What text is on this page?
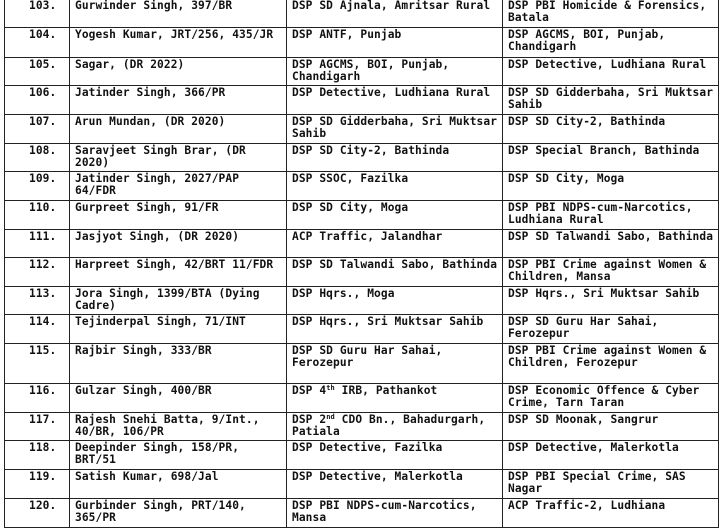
103.	Gurwinder Singh, 397/BR	DSP SD Ajnala, Amritsar Rural	DSP PBI Homicide & Forensics, Batala
104.	Yogesh Kumar, JRT/256, 435/JR	DSP ANTF, Punjab	DSP AGCMS, BOI, Punjab, Chandigarh
105.	Sagar, (DR 2022)	DSP AGCMS, BOI, Punjab, Chandigarh	DSP Detective, Ludhiana Rural
106.	Jatinder Singh, 366/PR	DSP Detective, Ludhiana Rural	DSP SD Gidderbaha, Sri Muktsar Sahib
107.	Arun Mundan, (DR 2020)	DSP SD Gidderbaha, Sri Muktsar Sahib	DSP SD City-2, Bathinda
108.	Saravjeet Singh Brar, (DR 2020)	DSP SD City-2, Bathinda	DSP Special Branch, Bathinda
109.	Jatinder Singh, 2027/PAP 64/FDR	DSP SSOC, Fazilka	DSP SD City, Moga
110.	Gurpreet Singh, 91/FR	DSP SD City, Moga	DSP PBI NDPS-cum-Narcotics, Ludhiana Rural
111.	Jasjyot Singh, (DR 2020)	ACP Traffic, Jalandhar	DSP SD Talwandi Sabo, Bathinda
112.	Harpreet Singh, 42/BRT 11/FDR	DSP SD Talwandi Sabo, Bathinda	DSP PBI Crime against Women & Children, Mansa
113.	Jora Singh, 1399/BTA (Dying Cadre)	DSP Hqrs., Moga	DSP Hqrs., Sri Muktsar Sahib
114.	Tejinderpal Singh, 71/INT	DSP Hqrs., Sri Muktsar Sahib	DSP SD Guru Har Sahai, Ferozepur
115.	Rajbir Singh, 333/BR	DSP SD Guru Har Sahai, Ferozepur	DSP PBI Crime against Women & Children, Ferozepur
116.	Gulzar Singh, 400/BR	DSP 4th IRB, Pathankot	DSP Economic Offence & Cyber Crime, Tarn Taran
117.	Rajesh Snehi Batta, 9/Int., 40/BR, 106/PR	DSP 2nd CDO Bn., Bahadurgarh, Patiala	DSP SD Moonak, Sangrur
118.	Deepinder Singh, 158/PR, BRT/51	DSP Detective, Fazilka	DSP Detective, Malerkotla
119.	Satish Kumar, 698/Jal	DSP Detective, Malerkotla	DSP PBI Special Crime, SAS Nagar
120.	Gurbinder Singh, PRT/140, 365/PR	DSP PBI NDPS-cum-Narcotics, Mansa	ACP Traffic-2, Ludhiana
